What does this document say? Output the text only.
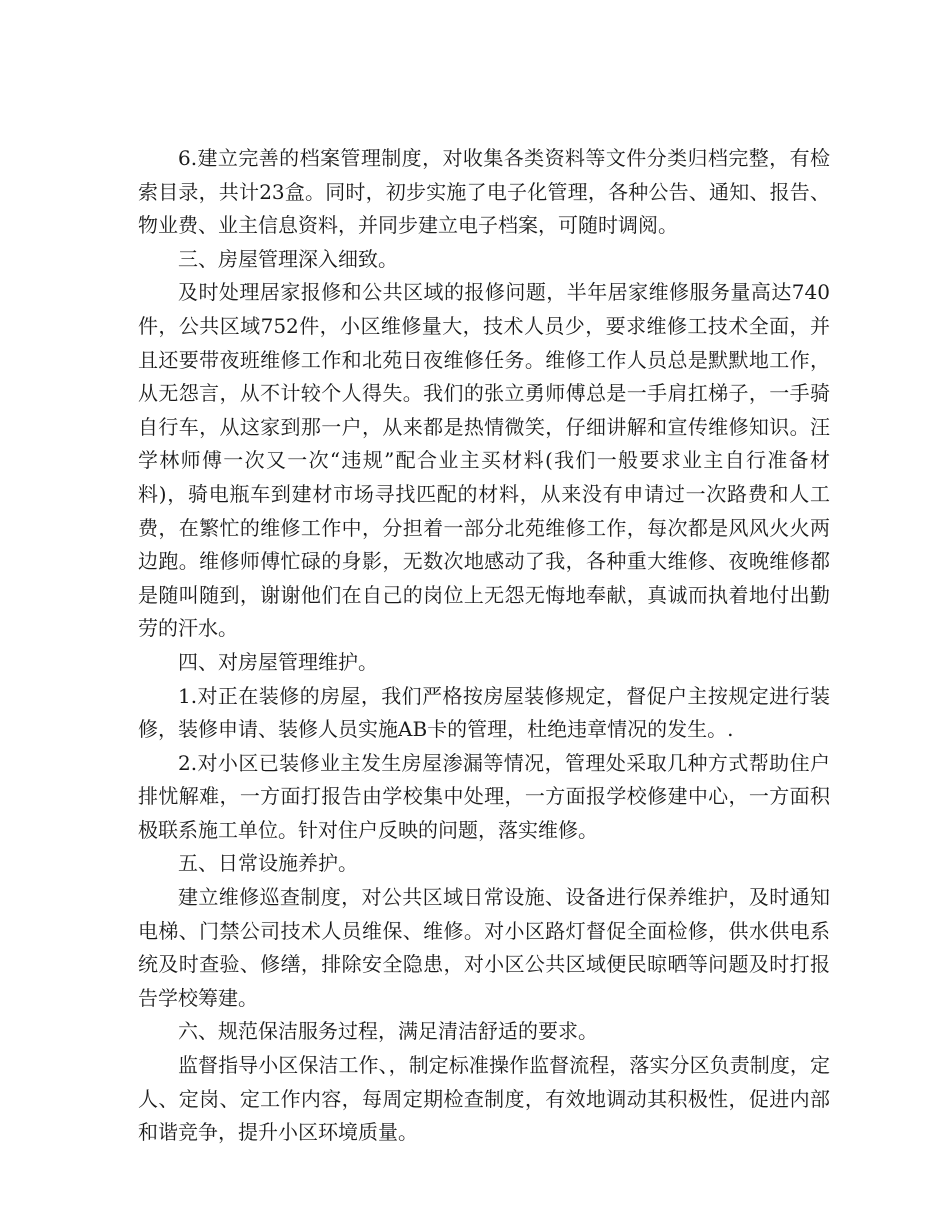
6.建立完善的档案管理制度，对收集各类资料等文件分类归档完整，有检索目录，共计23盒。同时，初步实施了电子化管理，各种公告、通知、报告、物业费、业主信息资料，并同步建立电子档案，可随时调阅。

三、房屋管理深入细致。

及时处理居家报修和公共区域的报修问题，半年居家维修服务量高达740件，公共区域752件，小区维修量大，技术人员少，要求维修工技术全面，并且还要带夜班维修工作和北苑日夜维修任务。维修工作人员总是默默地工作，从无怨言，从不计较个人得失。我们的张立勇师傅总是一手肩扛梯子，一手骑自行车，从这家到那一户，从来都是热情微笑，仔细讲解和宣传维修知识。汪学林师傅一次又一次“违规”配合业主买材料(我们一般要求业主自行准备材料)，骑电瓶车到建材市场寻找匹配的材料，从来没有申请过一次路费和人工费，在繁忙的维修工作中，分担着一部分北苑维修工作，每次都是风风火火两边跑。维修师傅忙碌的身影，无数次地感动了我，各种重大维修、夜晚维修都是随叫随到，谢谢他们在自己的岗位上无怨无悔地奉献，真诚而执着地付出勤劳的汗水。

四、对房屋管理维护。

1.对正在装修的房屋，我们严格按房屋装修规定，督促户主按规定进行装修，装修申请、装修人员实施AB卡的管理，杜绝违章情况的发生。.

2.对小区已装修业主发生房屋渗漏等情况，管理处采取几种方式帮助住户排忧解难，一方面打报告由学校集中处理，一方面报学校修建中心，一方面积极联系施工单位。针对住户反映的问题，落实维修。

五、日常设施养护。

建立维修巡查制度，对公共区域日常设施、设备进行保养维护，及时通知电梯、门禁公司技术人员维保、维修。对小区路灯督促全面检修，供水供电系统及时查验、修缮，排除安全隐患，对小区公共区域便民晾晒等问题及时打报告学校筹建。

六、规范保洁服务过程，满足清洁舒适的要求。

监督指导小区保洁工作、，制定标准操作监督流程，落实分区负责制度，定人、定岗、定工作内容，每周定期检查制度，有效地调动其积极性，促进内部和谐竞争，提升小区环境质量。
